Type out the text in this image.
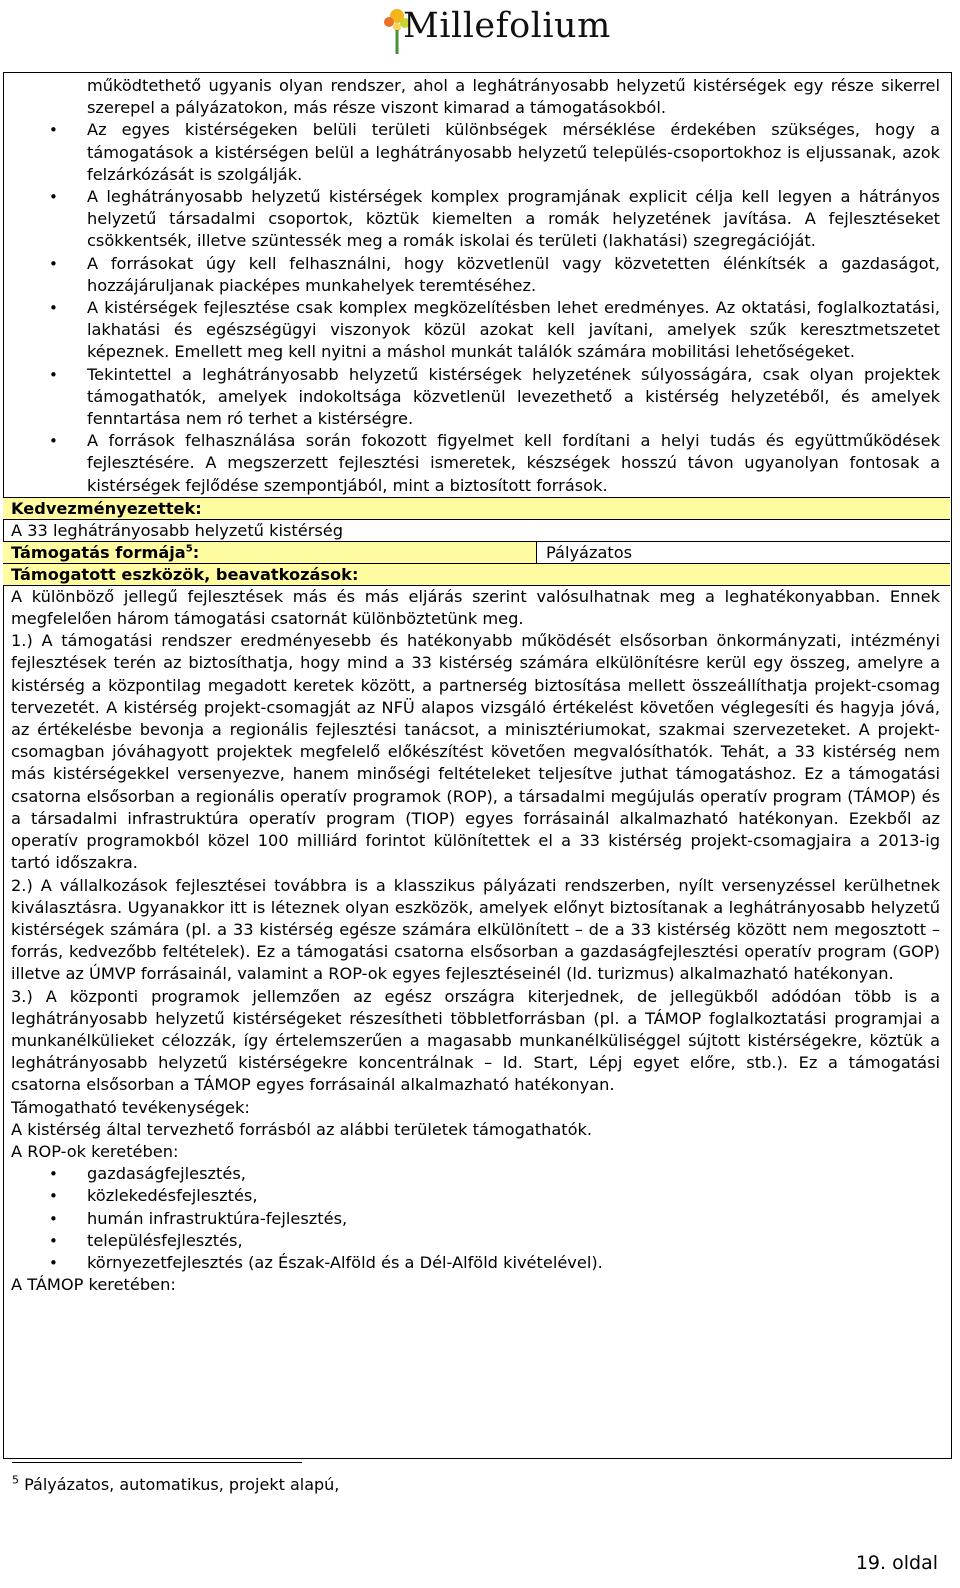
Millefolium

működtethető ugyanis olyan rendszer, ahol a leghátrányosabb helyzetű kistérségek egy része sikerrel szerepel a pályázatokon, más része viszont kimarad a támogatásokból.

• Az egyes kistérségeken belüli területi különbségek mérséklése érdekében szükséges, hogy a támogatások a kistérségen belül a leghátrányosabb helyzetű település-csoportokhoz is eljussanak, azok felzárkózását is szolgálják.
• A leghátrányosabb helyzetű kistérségek komplex programjának explicit célja kell legyen a hátrányos helyzetű társadalmi csoportok, köztük kiemelten a romák helyzetének javítása. A fejlesztéseket csökkentsék, illetve szüntessék meg a romák iskolai és területi (lakhatási) szegregációját.
• A forrásokat úgy kell felhasználni, hogy közvetlenül vagy közvetetten élénkítsék a gazdaságot, hozzájáruljanak piacképes munkahelyek teremtéséhez.
• A kistérségek fejlesztése csak komplex megközelítésben lehet eredményes. Az oktatási, foglalkoztatási, lakhatási és egészségügyi viszonyok közül azokat kell javítani, amelyek szűk keresztmetszetet képeznek. Emellett meg kell nyitni a máshol munkát találók számára mobilitási lehetőségeket.
• Tekintettel a leghátrányosabb helyzetű kistérségek helyzetének súlyosságára, csak olyan projektek támogathatók, amelyek indokoltsága közvetlenül levezethető a kistérség helyzetéből, és amelyek fenntartása nem ró terhet a kistérségre.
• A források felhasználása során fokozott figyelmet kell fordítani a helyi tudás és együttműködések fejlesztésére. A megszerzett fejlesztési ismeretek, készségek hosszú távon ugyanolyan fontosak a kistérségek fejlődése szempontjából, mint a biztosított források.
Kedvezményezettek:
A 33 leghátrányosabb helyzetű kistérség
Támogatás formája$^5$:	Pályázatos
Támogatott eszközök, beavatkozások:

A különböző jellegű fejlesztések más és más eljárás szerint valósulhatnak meg a leghatékonyabban. Ennek megfelelően három támogatási csatornát különböztetünk meg.

1.) A támogatási rendszer eredményesebb és hatékonyabb működését elsősorban önkormányzati, intézményi fejlesztések terén az biztosíthatja, hogy mind a 33 kistérség számára elkülönítésre kerül egy összeg, amelyre a kistérség a központilag megadott keretek között, a partnerség biztosítása mellett összeállíthatja projekt-csomag tervezetét. A kistérség projekt-csomagját az NFÜ alapos vizsgáló értékelést követően véglegesíti és hagyja jóvá, az értékelésbe bevonja a regionális fejlesztési tanácsot, a minisztériumokat, szakmai szervezeteket. A projekt-csomagban jóváhagyott projektek megfelelő előkészítést követően megvalósíthatók. Tehát, a 33 kistérség nem más kistérségekkel versenyezve, hanem minőségi feltételeket teljesítve juthat támogatáshoz. Ez a támogatási csatorna elsősorban a regionális operatív programok (ROP), a társadalmi megújulás operatív program (TÁMOP) és a társadalmi infrastruktúra operatív program (TIOP) egyes forrásainál alkalmazható hatékonyan. Ezekből az operatív programokból közel 100 milliárd forintot különítettek el a 33 kistérség projekt-csomagjaira a 2013-ig tartó időszakra.

2.) A vállalkozások fejlesztései továbbra is a klasszikus pályázati rendszerben, nyílt versenyzéssel kerülhetnek kiválasztásra. Ugyanakkor itt is léteznek olyan eszközök, amelyek előnyt biztosítanak a leghátrányosabb helyzetű kistérségek számára (pl. a 33 kistérség egésze számára elkülönített – de a 33 kistérség között nem megosztott – forrás, kedvezőbb feltételek). Ez a támogatási csatorna elsősorban a gazdaságfejlesztési operatív program (GOP) illetve az ÚMVP forrásainál, valamint a ROP-ok egyes fejlesztéseinél (ld. turizmus) alkalmazható hatékonyan.

3.) A központi programok jellemzően az egész országra kiterjednek, de jellegükből adódóan több is a leghátrányosabb helyzetű kistérségeket részesítheti többletforrásban (pl. a TÁMOP foglalkoztatási programjai a munkanélkülieket célozzák, így értelemszerűen a magasabb munkanélküliséggel sújtott kistérségekre, köztük a leghátrányosabb helyzetű kistérségekre koncentrálnak – ld. Start, Lépj egyet előre, stb.). Ez a támogatási csatorna elsősorban a TÁMOP egyes forrásainál alkalmazható hatékonyan.

Támogatható tevékenységek:

A kistérség által tervezhető forrásból az alábbi területek támogathatók.

A ROP-ok keretében:

• gazdaságfejlesztés,
• közlekedésfejlesztés,
• humán infrastruktúra-fejlesztés,
• településfejlesztés,
• környezetfejlesztés (az Észak-Alföld és a Dél-Alföld kivételével).

A TÁMOP keretében:

$^5$ Pályázatos, automatikus, projekt alapú,
19. oldal
